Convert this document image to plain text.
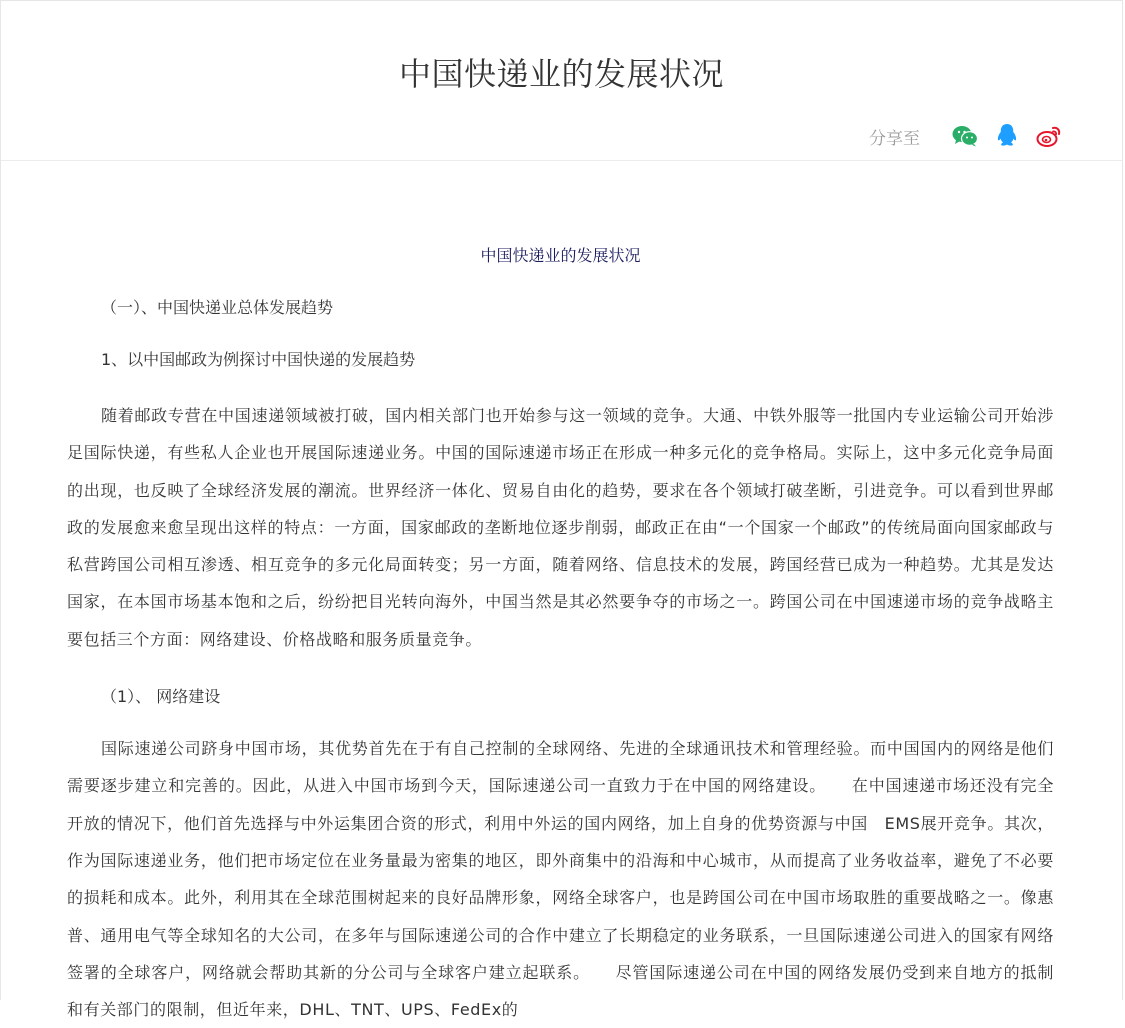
中国快递业的发展状况
分享至
中国快递业的发展状况
（一）、中国快递业总体发展趋势
1、以中国邮政为例探讨中国快递的发展趋势
随着邮政专营在中国速递领域被打破，国内相关部门也开始参与这一领域的竞争。大通、中铁外服等一批国内专业运输公司开始涉足国际快递，有些私人企业也开展国际速递业务。中国的国际速递市场正在形成一种多元化的竞争格局。实际上，这中多元化竞争局面的出现，也反映了全球经济发展的潮流。世界经济一体化、贸易自由化的趋势，要求在各个领域打破垄断，引进竞争。可以看到世界邮政的发展愈来愈呈现出这样的特点：一方面，国家邮政的垄断地位逐步削弱，邮政正在由“一个国家一个邮政”的传统局面向国家邮政与私营跨国公司相互渗透、相互竞争的多元化局面转变；另一方面，随着网络、信息技术的发展，跨国经营已成为一种趋势。尤其是发达国家，在本国市场基本饱和之后，纷纷把目光转向海外，中国当然是其必然要争夺的市场之一。跨国公司在中国速递市场的竞争战略主要包括三个方面：网络建设、价格战略和服务质量竞争。
（1）、 网络建设
国际速递公司跻身中国市场，其优势首先在于有自己控制的全球网络、先进的全球通讯技术和管理经验。而中国国内的网络是他们需要逐步建立和完善的。因此，从进入中国市场到今天，国际速递公司一直致力于在中国的网络建设。　　在中国速递市场还没有完全开放的情况下，他们首先选择与中外运集团合资的形式，利用中外运的国内网络，加上自身的优势资源与中国　EMS展开竞争。其次，作为国际速递业务，他们把市场定位在业务量最为密集的地区，即外商集中的沿海和中心城市，从而提高了业务收益率，避免了不必要的损耗和成本。此外，利用其在全球范围树起来的良好品牌形象，网络全球客户，也是跨国公司在中国市场取胜的重要战略之一。像惠普、通用电气等全球知名的大公司，在多年与国际速递公司的合作中建立了长期稳定的业务联系，一旦国际速递公司进入的国家有网络签署的全球客户，网络就会帮助其新的分公司与全球客户建立起联系。　　尽管国际速递公司在中国的网络发展仍受到来自地方的抵制和有关部门的限制，但近年来，DHL、TNT、UPS、FedEx的
